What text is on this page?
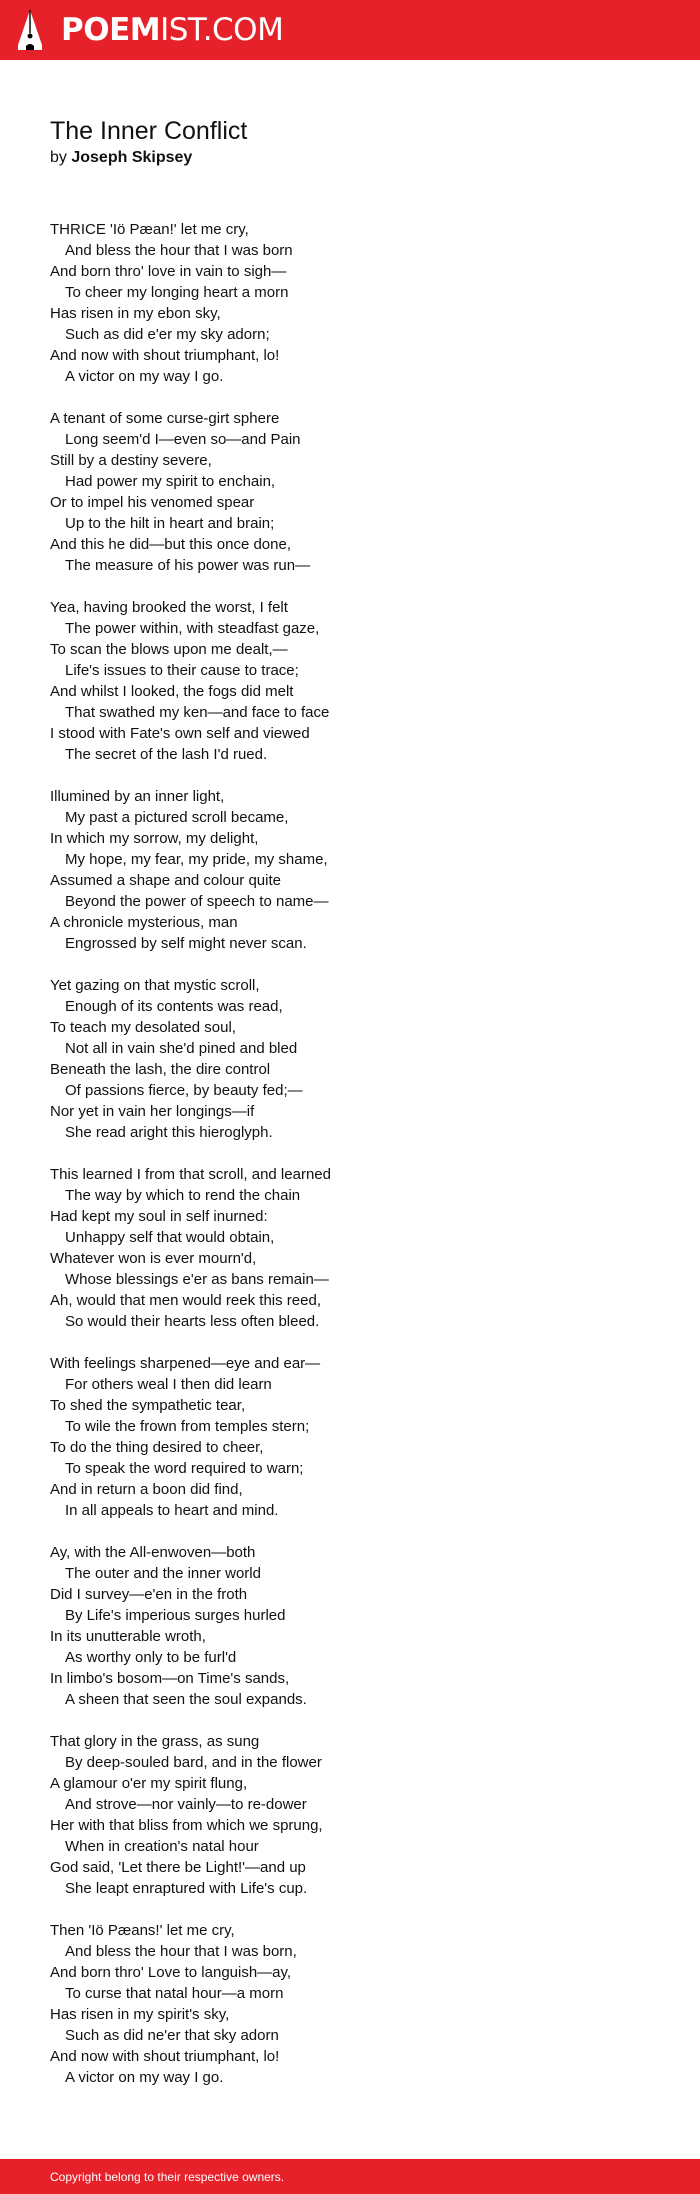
POEMIST.COM
The Inner Conflict
by Joseph Skipsey
THRICE 'Iö Pæan!' let me cry,
And bless the hour that I was born
And born thro' love in vain to sigh—
To cheer my longing heart a morn
Has risen in my ebon sky,
Such as did e'er my sky adorn;
And now with shout triumphant, lo!
A victor on my way I go.
A tenant of some curse-girt sphere
Long seem'd I—even so—and Pain
Still by a destiny severe,
Had power my spirit to enchain,
Or to impel his venomed spear
Up to the hilt in heart and brain;
And this he did—but this once done,
The measure of his power was run—
Yea, having brooked the worst, I felt
The power within, with steadfast gaze,
To scan the blows upon me dealt,—
Life's issues to their cause to trace;
And whilst I looked, the fogs did melt
That swathed my ken—and face to face
I stood with Fate's own self and viewed
The secret of the lash I'd rued.
Illumined by an inner light,
My past a pictured scroll became,
In which my sorrow, my delight,
My hope, my fear, my pride, my shame,
Assumed a shape and colour quite
Beyond the power of speech to name—
A chronicle mysterious, man
Engrossed by self might never scan.
Yet gazing on that mystic scroll,
Enough of its contents was read,
To teach my desolated soul,
Not all in vain she'd pined and bled
Beneath the lash, the dire control
Of passions fierce, by beauty fed;—
Nor yet in vain her longings—if
She read aright this hieroglyph.
This learned I from that scroll, and learned
The way by which to rend the chain
Had kept my soul in self inurned:
Unhappy self that would obtain,
Whatever won is ever mourn'd,
Whose blessings e'er as bans remain—
Ah, would that men would reek this reed,
So would their hearts less often bleed.
With feelings sharpened—eye and ear—
For others weal I then did learn
To shed the sympathetic tear,
To wile the frown from temples stern;
To do the thing desired to cheer,
To speak the word required to warn;
And in return a boon did find,
In all appeals to heart and mind.
Ay, with the All-enwoven—both
The outer and the inner world
Did I survey—e'en in the froth
By Life's imperious surges hurled
In its unutterable wroth,
As worthy only to be furl'd
In limbo's bosom—on Time's sands,
A sheen that seen the soul expands.
That glory in the grass, as sung
By deep-souled bard, and in the flower
A glamour o'er my spirit flung,
And strove—nor vainly—to re-dower
Her with that bliss from which we sprung,
When in creation's natal hour
God said, 'Let there be Light!'—and up
She leapt enraptured with Life's cup.
Then 'Iö Pæans!' let me cry,
And bless the hour that I was born,
And born thro' Love to languish—ay,
To curse that natal hour—a morn
Has risen in my spirit's sky,
Such as did ne'er that sky adorn
And now with shout triumphant, lo!
A victor on my way I go.
Copyright belong to their respective owners.
